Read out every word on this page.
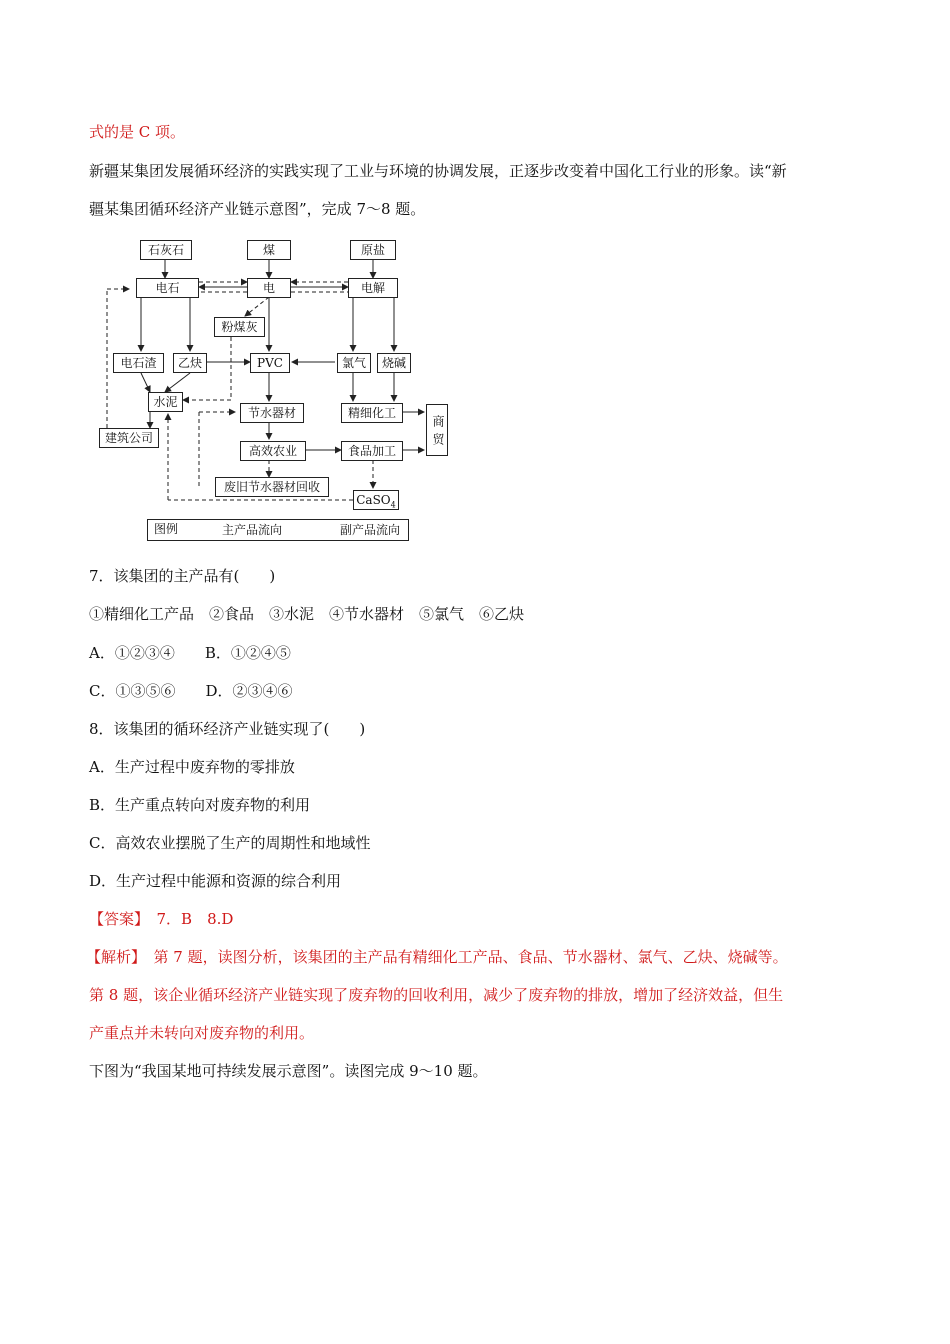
式的是 C 项。
新疆某集团发展循环经济的实践实现了工业与环境的协调发展，正逐步改变着中国化工行业的形象。读“新
疆某集团循环经济产业链示意图”，完成 7～8 题。
石灰石	煤	原盐
电石	电	电解
粉煤灰
电石渣	乙炔	PVC	氯气	烧碱
水泥
节水器材	精细化工
商贸
建筑公司
高效农业	食品加工
废旧节水器材回收
CaSO$_4$
图例	主产品流向	副产品流向
7．该集团的主产品有(　　)
①精细化工产品　②食品　③水泥　④节水器材　⑤氯气　⑥乙炔
A．①②③④　　B．①②④⑤
C．①③⑤⑥　　D．②③④⑥
8．该集团的循环经济产业链实现了(　　)
A．生产过程中废弃物的零排放
B．生产重点转向对废弃物的利用
C．高效农业摆脱了生产的周期性和地域性
D．生产过程中能源和资源的综合利用
【答案】　7．B　8.D
【解析】　第 7 题，读图分析，该集团的主产品有精细化工产品、食品、节水器材、氯气、乙炔、烧碱等。
第 8 题，该企业循环经济产业链实现了废弃物的回收利用，减少了废弃物的排放，增加了经济效益，但生
产重点并未转向对废弃物的利用。
下图为“我国某地可持续发展示意图”。读图完成 9～10 题。
